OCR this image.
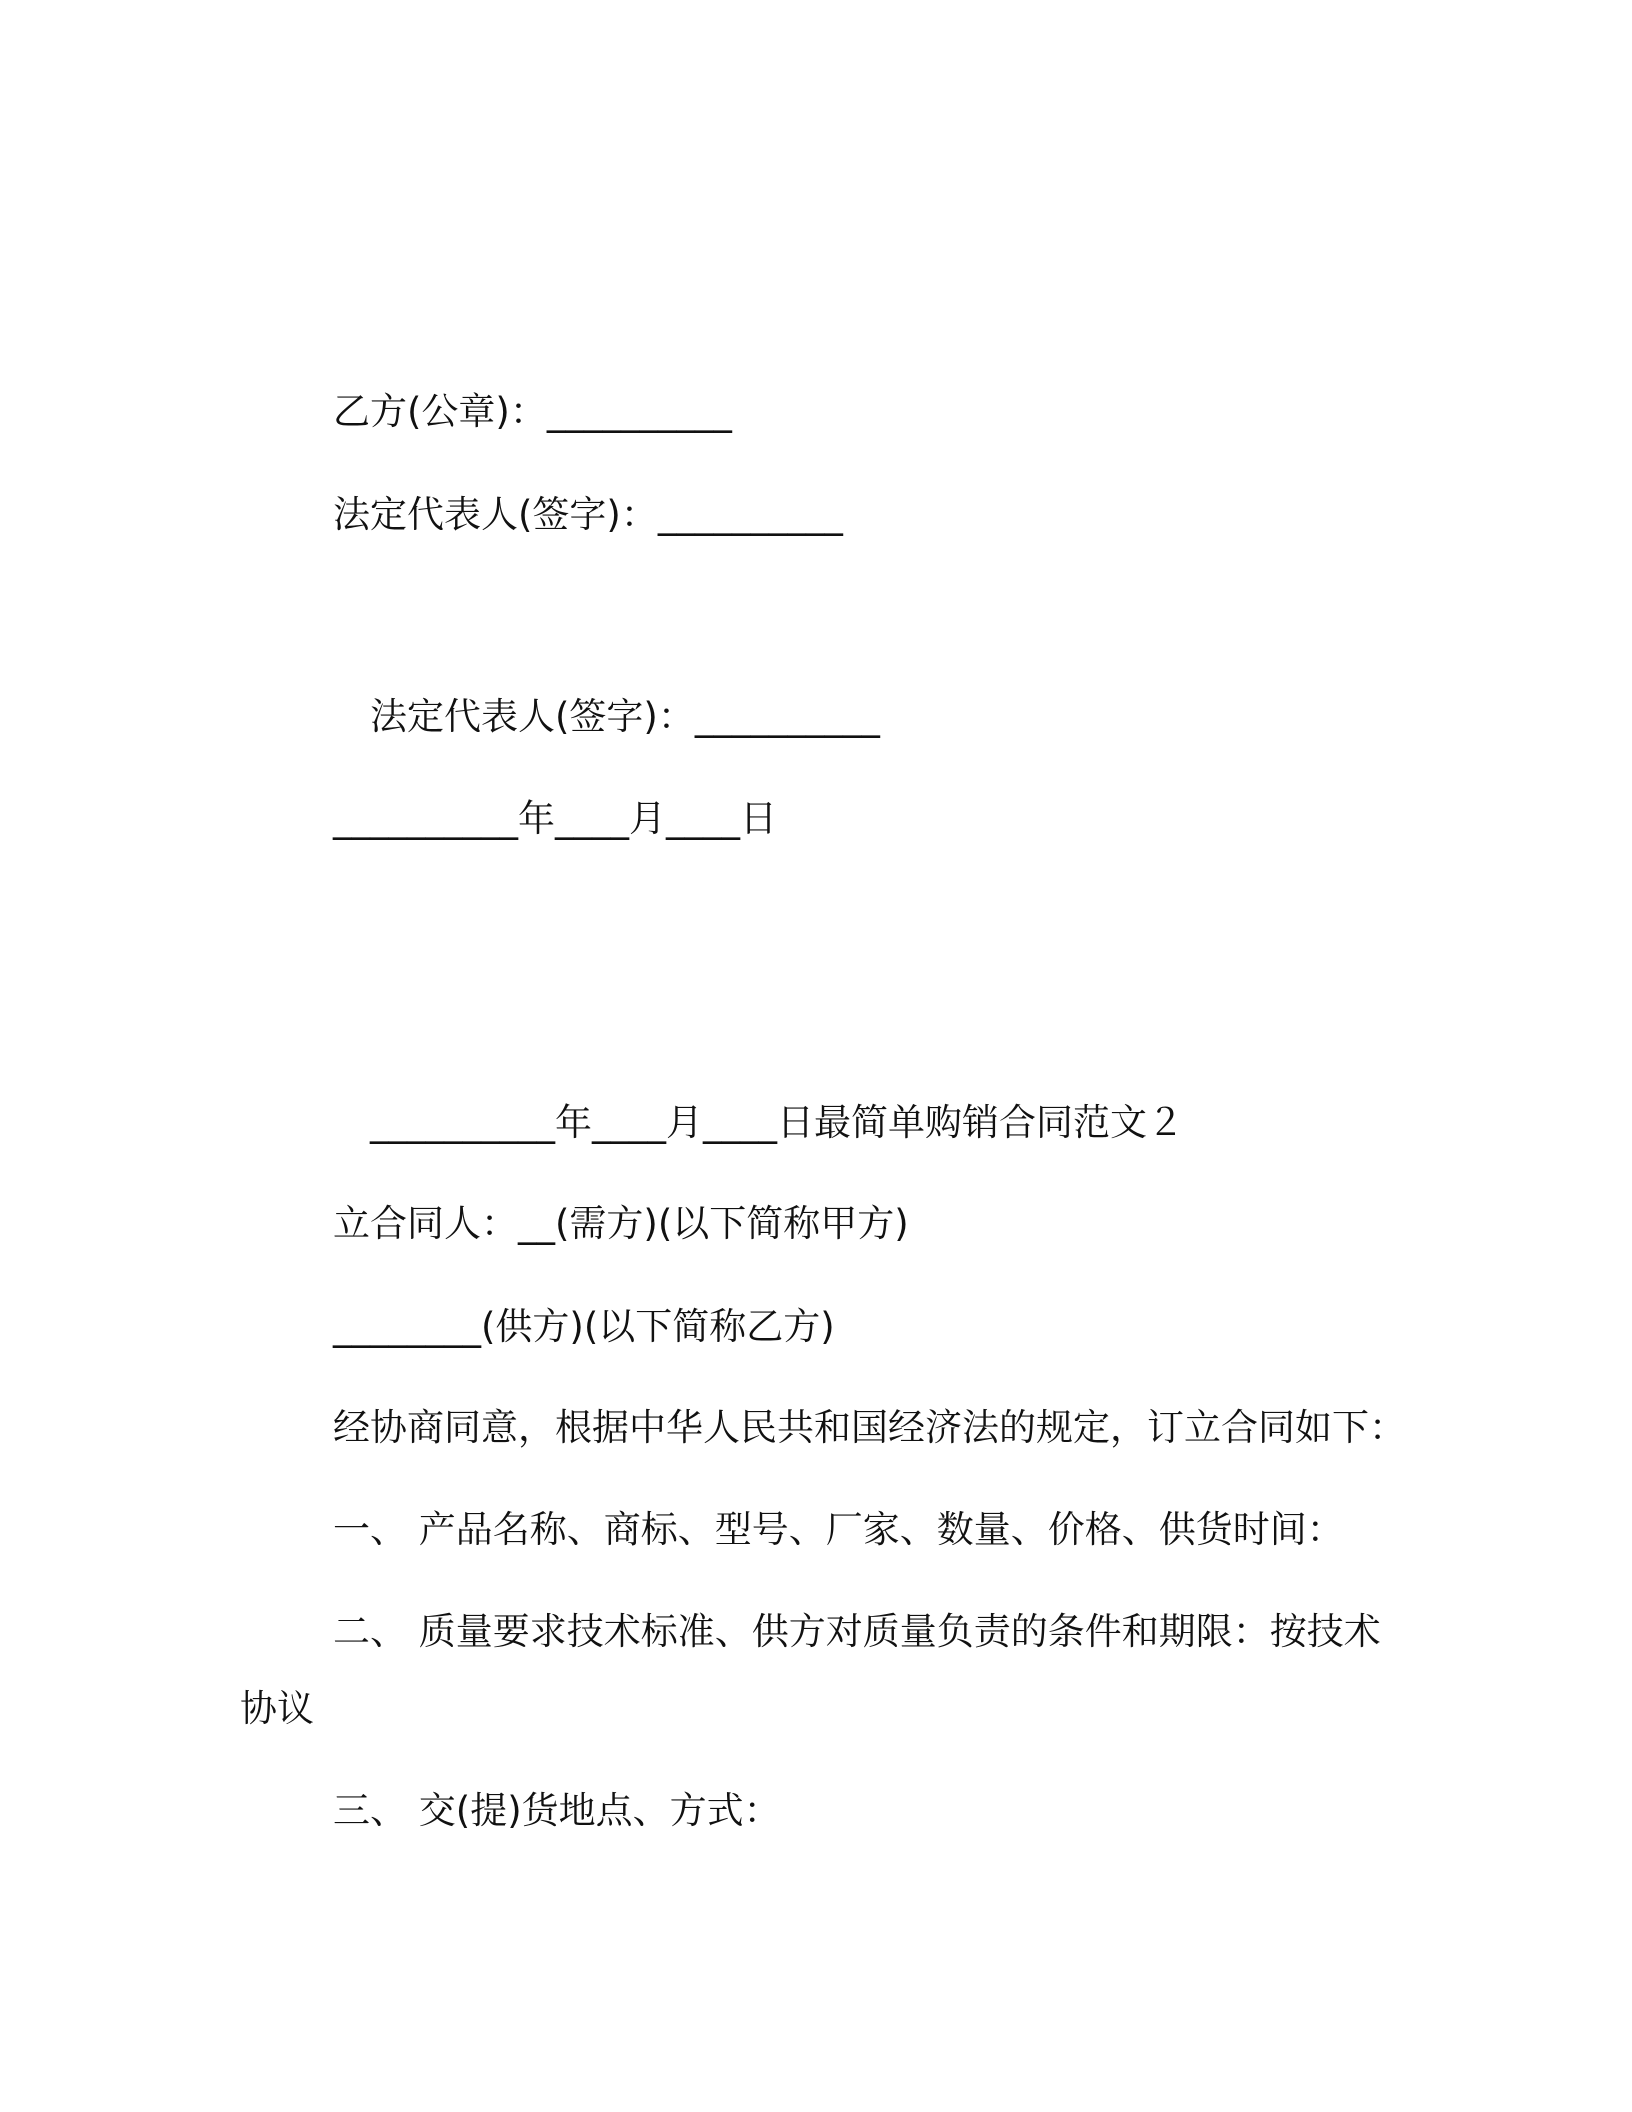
乙方(公章)：__________
法定代表人(签字)：__________
法定代表人(签字)：__________
__________年____月____日
__________年____月____日最简单购销合同范文２
立合同人：__(需方)(以下简称甲方)
________(供方)(以下简称乙方)
经协商同意，根据中华人民共和国经济法的规定，订立合同如下：
一、 产品名称、商标、型号、厂家、数量、价格、供货时间：
二、 质量要求技术标准、供方对质量负责的条件和期限：按技术
协议
三、 交(提)货地点、方式：
